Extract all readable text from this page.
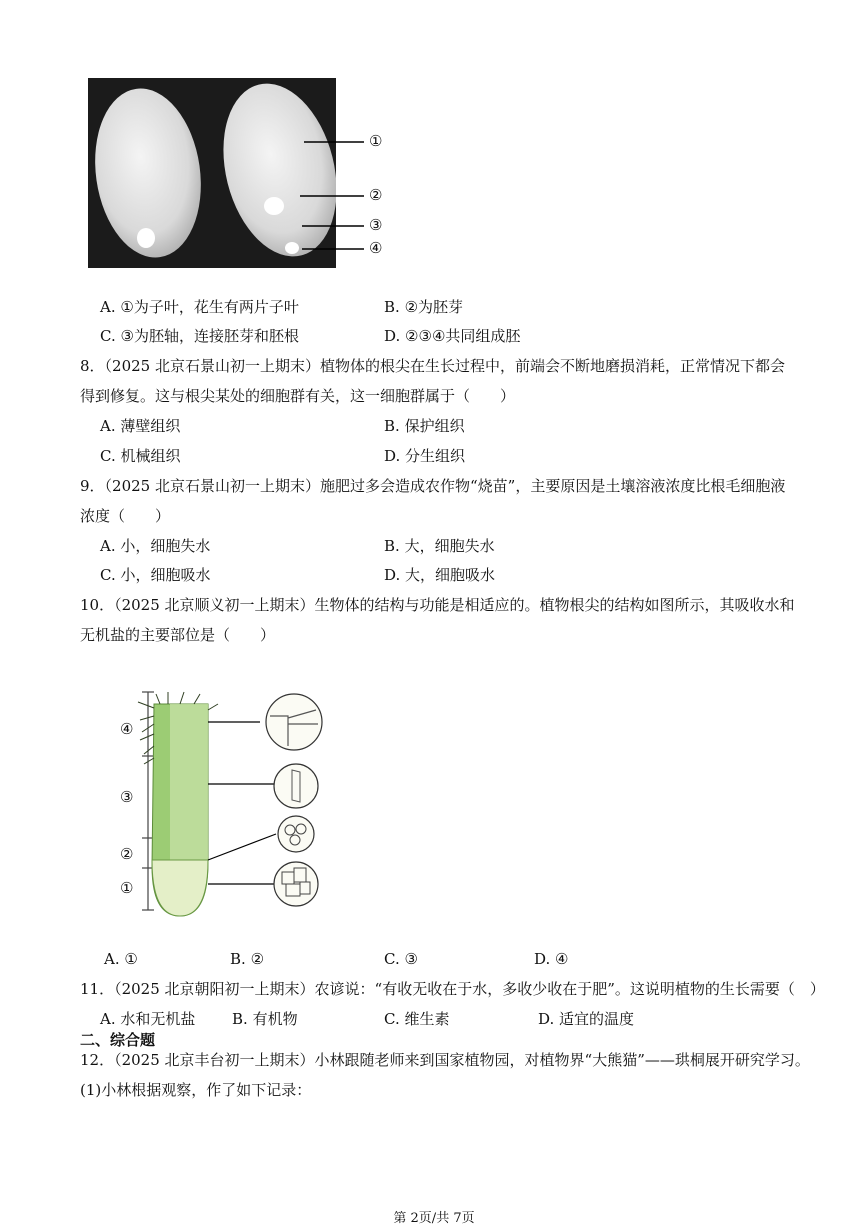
①
②
③
④
A. ①为子叶，花生有两片子叶	B. ②为胚芽
C. ③为胚轴，连接胚芽和胚根	D. ②③④共同组成胚
8．（2025 北京石景山初一上期末）植物体的根尖在生长过程中，前端会不断地磨损消耗，正常情况下都会
得到修复。这与根尖某处的细胞群有关，这一细胞群属于（　　）
A. 薄壁组织	B. 保护组织
C. 机械组织	D. 分生组织
9．（2025 北京石景山初一上期末）施肥过多会造成农作物“烧苗”，主要原因是土壤溶液浓度比根毛细胞液
浓度（　　）
A. 小，细胞失水	B. 大，细胞失水
C. 小，细胞吸水	D. 大，细胞吸水
10．（2025 北京顺义初一上期末）生物体的结构与功能是相适应的。植物根尖的结构如图所示，其吸收水和
无机盐的主要部位是（　　）
④
③
②
①
A. ①	B. ②	C. ③	D. ④
11．（2025 北京朝阳初一上期末）农谚说：“有收无收在于水，多收少收在于肥”。这说明植物的生长需要（　）
A. 水和无机盐 B. 有机物	C. 维生素	D. 适宜的温度
二、综合题
12．（2025 北京丰台初一上期末）小林跟随老师来到国家植物园，对植物界“大熊猫”——珙桐展开研究学习。
(1)小林根据观察，作了如下记录：
第 2页/共 7页
